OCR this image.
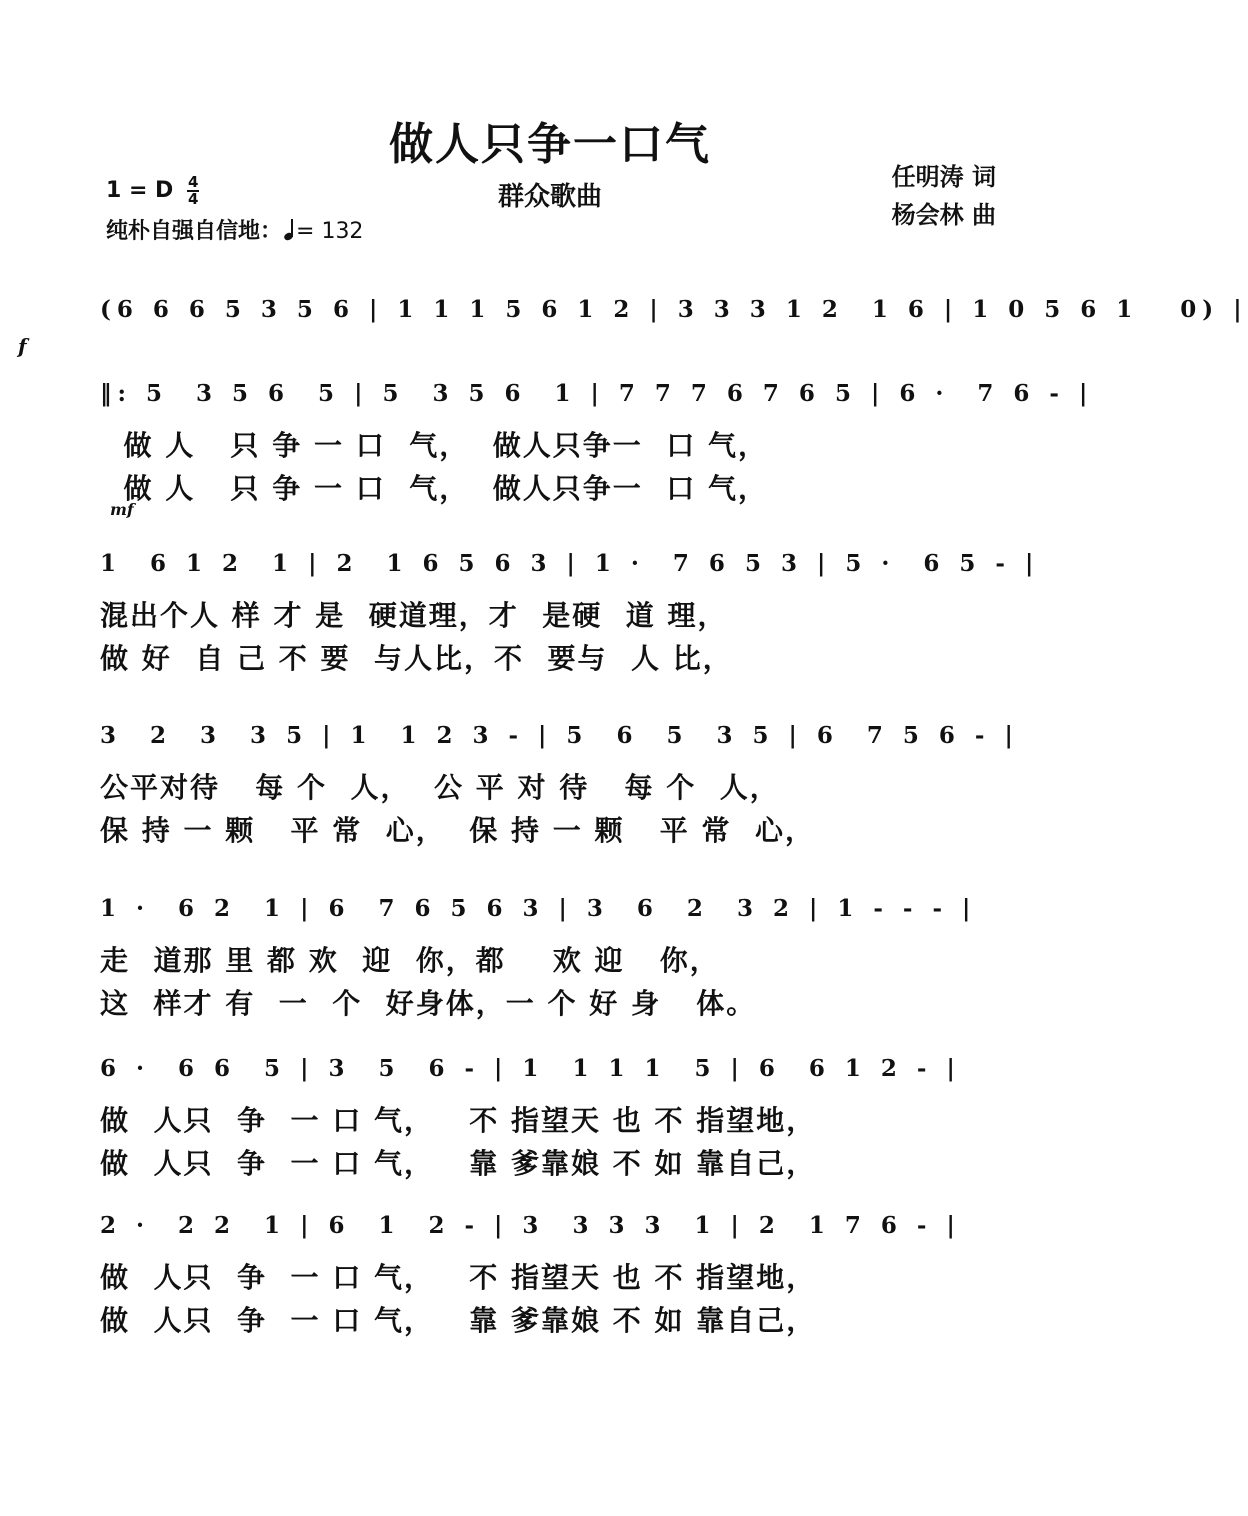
做人只争一口气
群众歌曲
1 = D $\frac{4}{4}$
纯朴自强自信地： = 132
任明涛 词
杨会林 曲
(6 6 6 5 3 5 6 | 1 1 1 5 6 1 2 | 3 3 3 1 2  1 6 | 1 0 5 6 1   0) |
‖: 5  3 5 6  5 | 5  3 5 6  1 | 7 7 7 6 7 6 5 | 6 ·  7 6 - |
做 人   只 争 一 口  气，  做人只争一  口 气，
做 人   只 争 一 口  气，  做人只争一  口 气，
1  6 1 2  1 | 2  1 6 5 6 3 | 1 ·  7 6 5 3 | 5 ·  6 5 - |
混出个人 样 才 是  硬道理，才  是硬  道 理，
做 好  自 己 不 要  与人比，不  要与  人 比，
3  2  3  3 5 | 1  1 2 3 - | 5  6  5  3 5 | 6  7 5 6 - |
公平对待   每 个  人，  公 平 对 待   每 个  人，
保 持 一 颗   平 常  心，  保 持 一 颗   平 常  心，
1 ·  6 2  1 | 6  7 6 5 6 3 | 3  6  2  3 2 | 1 - - - |
走  道那 里 都 欢  迎  你，都    欢 迎   你，
这  样才 有  一  个  好身体，一 个 好 身   体。
6 ·  6 6  5 | 3  5  6 - | 1  1 1 1  5 | 6  6 1 2 - |
做  人只  争  一 口 气，   不 指望天 也 不 指望地，
做  人只  争  一 口 气，   靠 爹靠娘 不 如 靠自己，
2 ·  2 2  1 | 6  1  2 - | 3  3 3 3  1 | 2  1 7 6 - |
做  人只  争  一 口 气，   不 指望天 也 不 指望地，
做  人只  争  一 口 气，   靠 爹靠娘 不 如 靠自己，
f
mf
